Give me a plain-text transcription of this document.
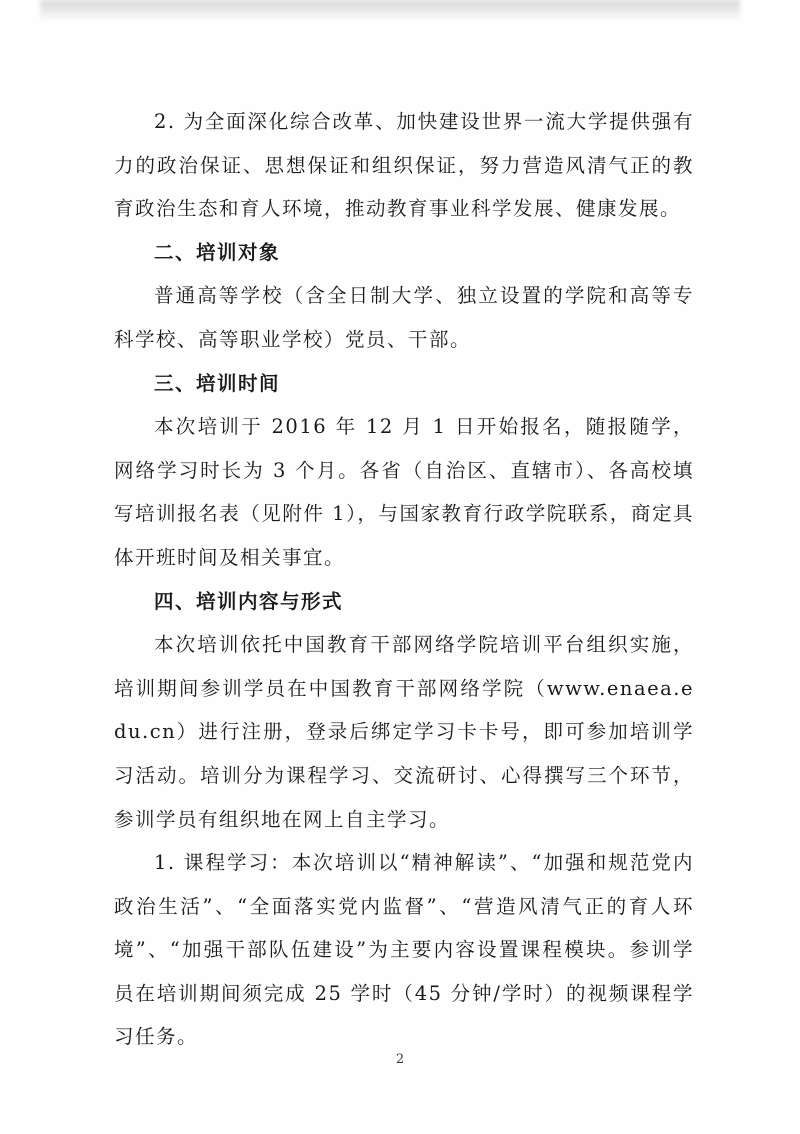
2. 为全面深化综合改革、加快建设世界一流大学提供强有力的政治保证、思想保证和组织保证，努力营造风清气正的教育政治生态和育人环境，推动教育事业科学发展、健康发展。

二、培训对象

普通高等学校（含全日制大学、独立设置的学院和高等专科学校、高等职业学校）党员、干部。

三、培训时间

本次培训于 2016 年 12 月 1 日开始报名，随报随学，网络学习时长为 3 个月。各省（自治区、直辖市）、各高校填写培训报名表（见附件 1），与国家教育行政学院联系，商定具体开班时间及相关事宜。

四、培训内容与形式

本次培训依托中国教育干部网络学院培训平台组织实施，培训期间参训学员在中国教育干部网络学院（www.enaea.edu.cn）进行注册，登录后绑定学习卡卡号，即可参加培训学习活动。培训分为课程学习、交流研讨、心得撰写三个环节，参训学员有组织地在网上自主学习。

1. 课程学习：本次培训以“精神解读”、“加强和规范党内政治生活”、“全面落实党内监督”、“营造风清气正的育人环境”、“加强干部队伍建设”为主要内容设置课程模块。参训学员在培训期间须完成 25 学时（45 分钟/学时）的视频课程学习任务。

2
